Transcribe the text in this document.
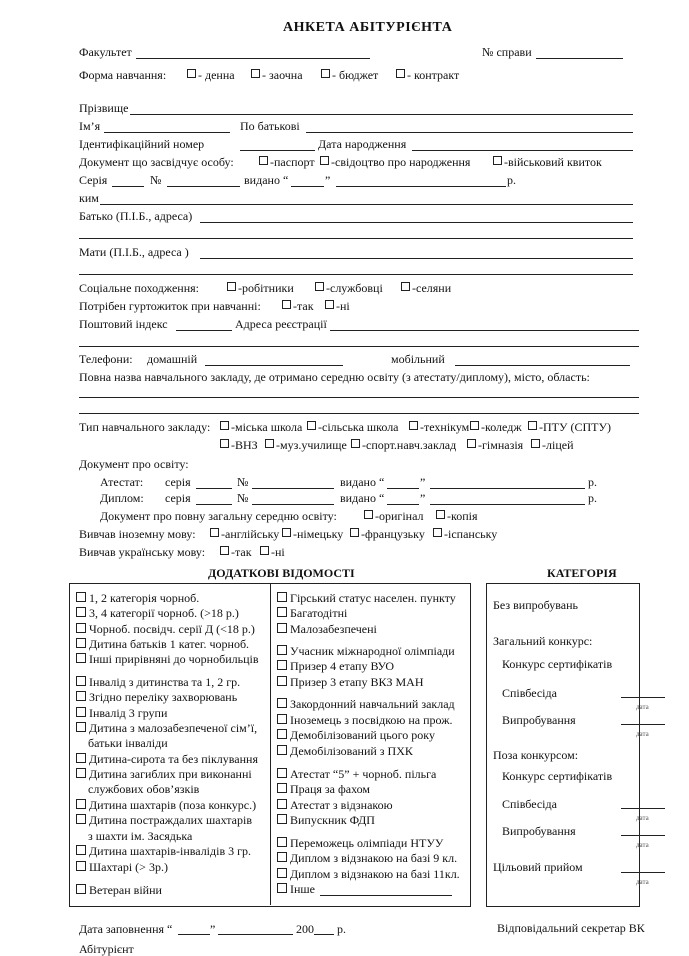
АНКЕТА АБІТУРІЄНТА
Факультет	№ справи
Форма навчання:	- денна	- заочна	- бюджет	- контракт
Прізвище
Ім’я	По батькові
Ідентифікаційний номер	Дата народження
Документ що засвідчує особу:	-паспорт	-свідоцтво про народження	-військовий квиток
Серія	№	видано “	”	р.
ким
Батько (П.І.Б., адреса)
Мати (П.І.Б., адреса )
Соціальне походження:	-робітники	-службовці	-селяни
Потрібен гуртожиток при навчанні:	-так	-ні
Поштовий індекс	Адреса реєстрації
Телефони: домашній	мобільний
Повна назва навчального закладу, де отримано середню освіту (з атестату/диплому), місто, область:
Тип навчального закладу:	-міська школа	-сільська школа	-технікум -коледж	-ПТУ (СПТУ)
-ВНЗ	-муз.училище	-спорт.навч.заклад	-гімназія	-ліцей
Документ про освіту:
Атестат: серія	№	видано “	”	р.
Диплом: серія	№	видано “	”	р.
Документ про повну загальну середню освіту:	-оригінал	-копія
Вивчав іноземну мову:	-англійську	-німецьку	-французьку	-іспанську
Вивчав українську мову:	-так	-ні
ДОДАТКОВІ ВІДОМОСТІ	КАТЕГОРІЯ
1, 2 категорія чорноб.
3, 4 категорії чорноб. (>18 р.)
Чорноб. посвідч. серії Д (<18 р.)
Дитина батьків 1 катег. чорноб.
Інші прирівняні до чорнобильців
Інвалід з дитинства та 1, 2 гр.
Згідно переліку захворювань
Інвалід 3 групи
Дитина з малозабезпеченої сім’ї,
батьки інваліди
Дитина-сирота та без піклування
Дитина загиблих при виконанні
службових обов’язків
Дитина шахтарів (поза конкурс.)
Дитина постраждалих шахтарів
з шахти ім. Засядька
Дитина шахтарів-інвалідів 3 гр.
Шахтарі (> 3р.)
Ветеран війни
Гірський статус населен. пункту
Багатодітні
Малозабезпечені
Учасник міжнародної олімпіади
Призер 4 етапу ВУО
Призер 3 етапу ВКЗ МАН
Закордонний навчальний заклад
Іноземець з посвідкою на прож.
Демобілізований цього року
Демобілізований з ПХК
Атестат “5” + чорноб. пільга
Праця за фахом
Атестат з відзнакою
Випускник ФДП
Переможець олімпіади НТУУ
Диплом з відзнакою на базі 9 кл.
Диплом з відзнакою на базі 11кл.
Інше
Без випробувань
Загальний конкурс:
Конкурс сертифікатів
Співбесіда
дата
Випробування
дата
Поза конкурсом:
Конкурс сертифікатів
Співбесіда
дата
Випробування
дата
Цільовий прийом
дата
Дата заповнення “	”	200 р.	Відповідальний секретар ВК
Абітурієнт
